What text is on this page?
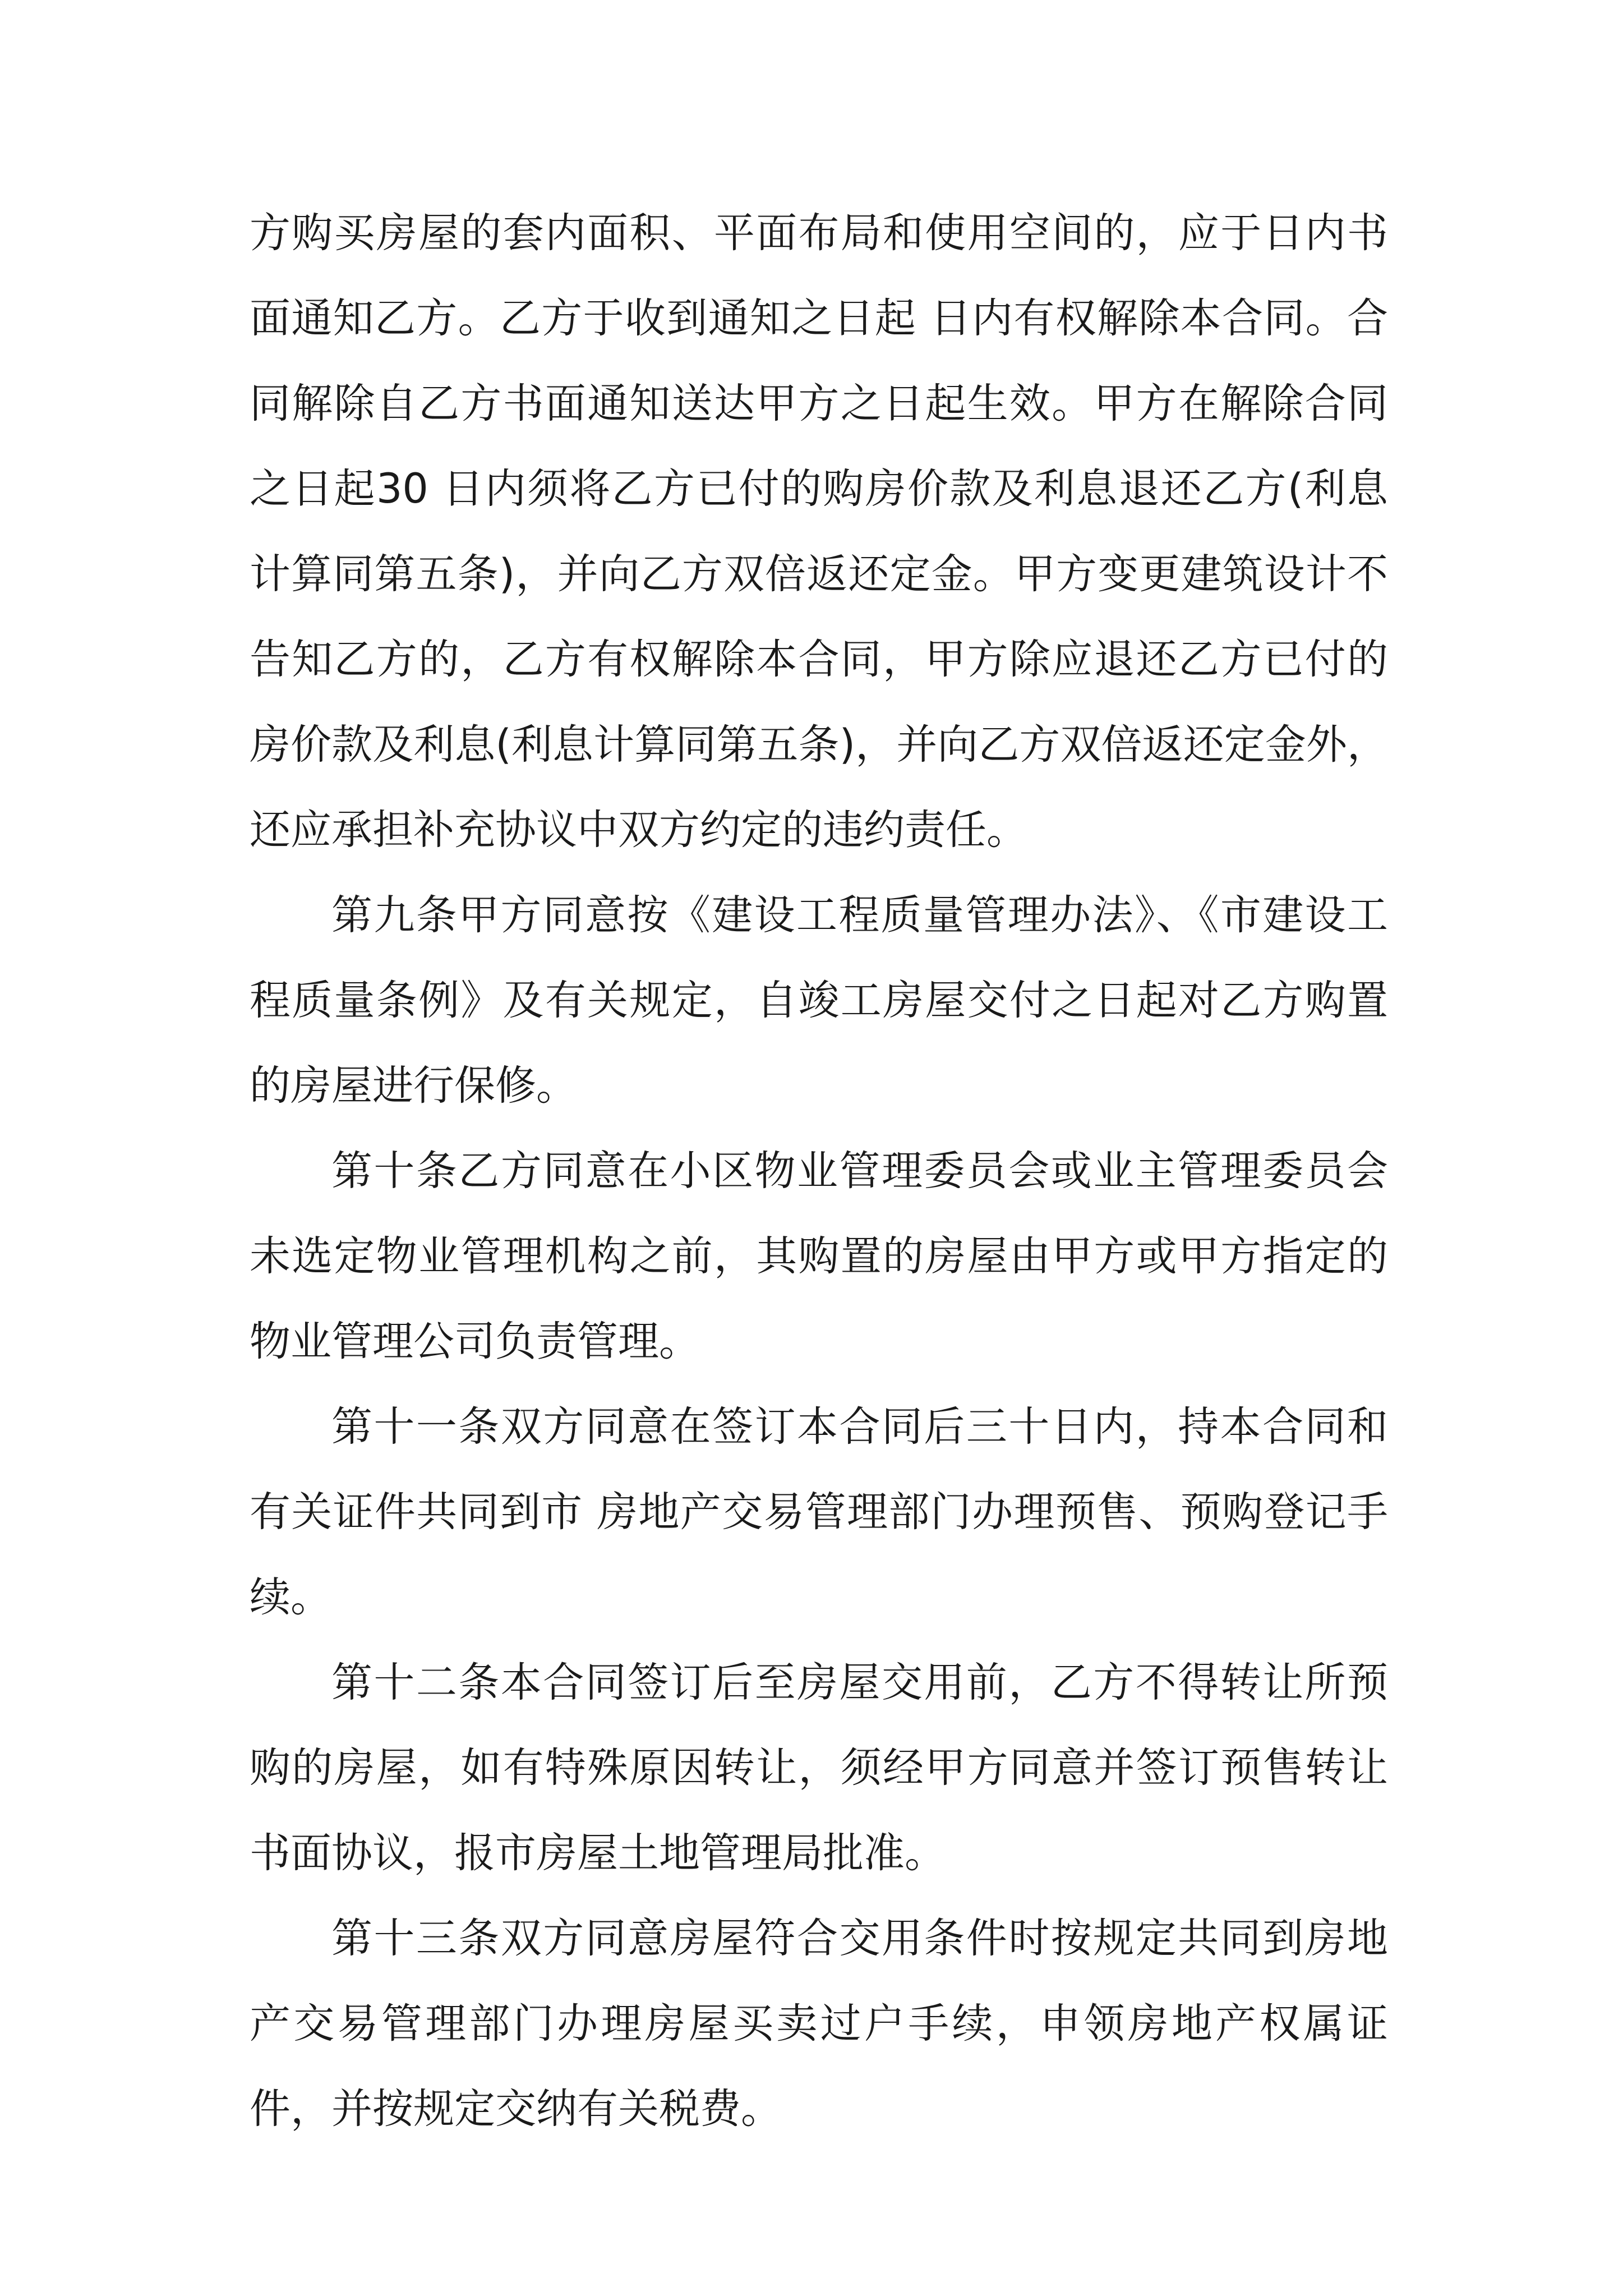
方购买房屋的套内面积、平面布局和使用空间的，应于日内书面通知乙方。乙方于收到通知之日起 日内有权解除本合同。合同解除自乙方书面通知送达甲方之日起生效。甲方在解除合同之日起30 日内须将乙方已付的购房价款及利息退还乙方(利息计算同第五条)，并向乙方双倍返还定金。甲方变更建筑设计不告知乙方的，乙方有权解除本合同，甲方除应退还乙方已付的房价款及利息(利息计算同第五条)，并向乙方双倍返还定金外，还应承担补充协议中双方约定的违约责任。

第九条甲方同意按《建设工程质量管理办法》、《市建设工程质量条例》及有关规定，自竣工房屋交付之日起对乙方购置的房屋进行保修。

第十条乙方同意在小区物业管理委员会或业主管理委员会未选定物业管理机构之前，其购置的房屋由甲方或甲方指定的物业管理公司负责管理。

第十一条双方同意在签订本合同后三十日内，持本合同和有关证件共同到市 房地产交易管理部门办理预售、预购登记手续。

第十二条本合同签订后至房屋交用前，乙方不得转让所预购的房屋，如有特殊原因转让，须经甲方同意并签订预售转让书面协议，报市房屋土地管理局批准。

第十三条双方同意房屋符合交用条件时按规定共同到房地产交易管理部门办理房屋买卖过户手续，申领房地产权属证件，并按规定交纳有关税费。
